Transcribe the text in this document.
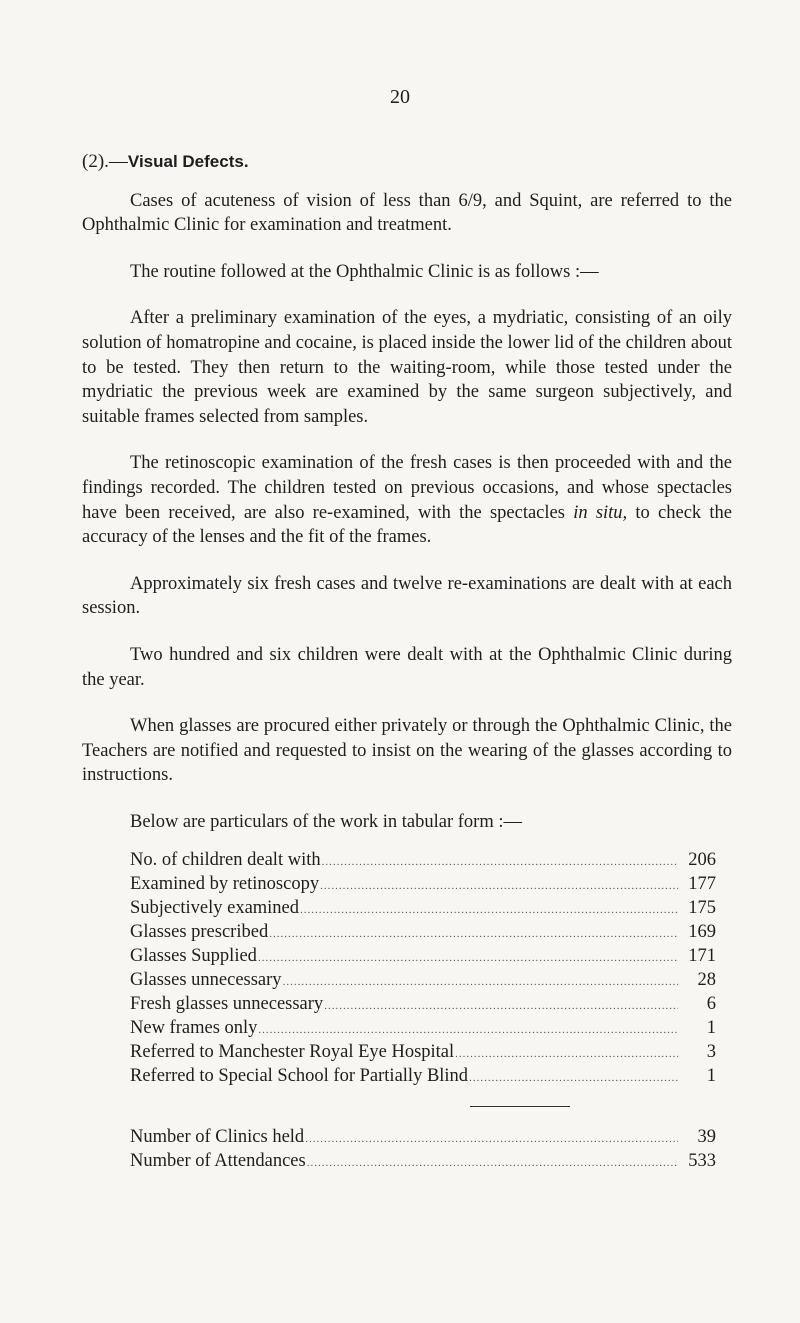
20
(2).—Visual Defects.

Cases of acuteness of vision of less than 6/9, and Squint, are referred to the Ophthalmic Clinic for examination and treatment.

The routine followed at the Ophthalmic Clinic is as follows :—

After a preliminary examination of the eyes, a mydriatic, consisting of an oily solution of homatropine and cocaine, is placed inside the lower lid of the children about to be tested. They then return to the waiting-room, while those tested under the mydriatic the previous week are examined by the same surgeon subjectively, and suitable frames selected from samples.

The retinoscopic examination of the fresh cases is then proceeded with and the findings recorded. The children tested on previous occasions, and whose spectacles have been received, are also re-examined, with the spectacles in situ, to check the accuracy of the lenses and the fit of the frames.

Approximately six fresh cases and twelve re-examinations are dealt with at each session.

Two hundred and six children were dealt with at the Ophthalmic Clinic during the year.

When glasses are procured either privately or through the Ophthalmic Clinic, the Teachers are notified and requested to insist on the wearing of the glasses according to instructions.

Below are particulars of the work in tabular form :—

No. of children dealt with .....	206
Examined by retinoscopy .....	177
Subjectively examined .....	175
Glasses prescribed .....	169
Glasses Supplied .....	171
Glasses unnecessary .....	28
Fresh glasses unnecessary .....	6
New frames only .....	1
Referred to Manchester Royal Eye Hospital .....	3
Referred to Special School for Partially Blind .....	1
Number of Clinics held .....	39
Number of Attendances .....	533
